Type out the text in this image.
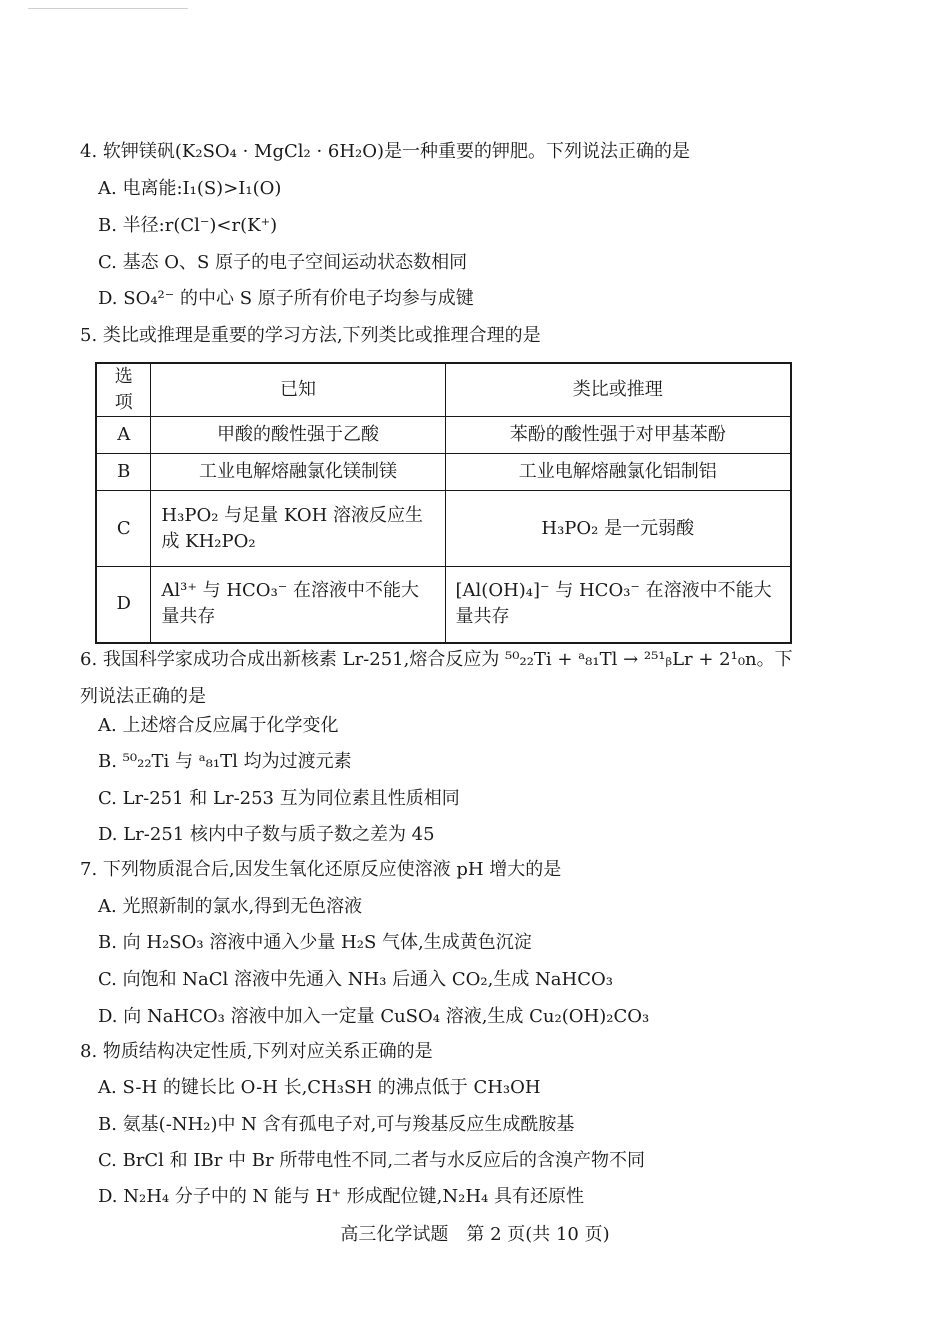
4. 软钾镁矾(K₂SO₄ · MgCl₂ · 6H₂O)是一种重要的钾肥。下列说法正确的是
A. 电离能:I₁(S)>I₁(O)
B. 半径:r(Cl⁻)<r(K⁺)
C. 基态 O、S 原子的电子空间运动状态数相同
D. SO₄²⁻ 的中心 S 原子所有价电子均参与成键
5. 类比或推理是重要的学习方法,下列类比或推理合理的是
选项	已知	类比或推理
A	甲酸的酸性强于乙酸	苯酚的酸性强于对甲基苯酚
B	工业电解熔融氯化镁制镁	工业电解熔融氯化铝制铝
C	H₃PO₂ 与足量 KOH 溶液反应生成 KH₂PO₂	H₃PO₂ 是一元弱酸
D	Al³⁺ 与 HCO₃⁻ 在溶液中不能大量共存	[Al(OH)₄]⁻ 与 HCO₃⁻ 在溶液中不能大量共存
6. 我国科学家成功合成出新核素 Lr-251,熔合反应为 ⁵⁰₂₂Ti + ᵃ₈₁Tl → ²⁵¹ᵦLr + 2¹₀n。下列说法正确的是
A. 上述熔合反应属于化学变化
B. ⁵⁰₂₂Ti 与 ᵃ₈₁Tl 均为过渡元素
C. Lr-251 和 Lr-253 互为同位素且性质相同
D. Lr-251 核内中子数与质子数之差为 45
7. 下列物质混合后,因发生氧化还原反应使溶液 pH 增大的是
A. 光照新制的氯水,得到无色溶液
B. 向 H₂SO₃ 溶液中通入少量 H₂S 气体,生成黄色沉淀
C. 向饱和 NaCl 溶液中先通入 NH₃ 后通入 CO₂,生成 NaHCO₃
D. 向 NaHCO₃ 溶液中加入一定量 CuSO₄ 溶液,生成 Cu₂(OH)₂CO₃
8. 物质结构决定性质,下列对应关系正确的是
A. S-H 的键长比 O-H 长,CH₃SH 的沸点低于 CH₃OH
B. 氨基(-NH₂)中 N 含有孤电子对,可与羧基反应生成酰胺基
C. BrCl 和 IBr 中 Br 所带电性不同,二者与水反应后的含溴产物不同
D. N₂H₄ 分子中的 N 能与 H⁺ 形成配位键,N₂H₄ 具有还原性
高三化学试题　第 2 页(共 10 页)
